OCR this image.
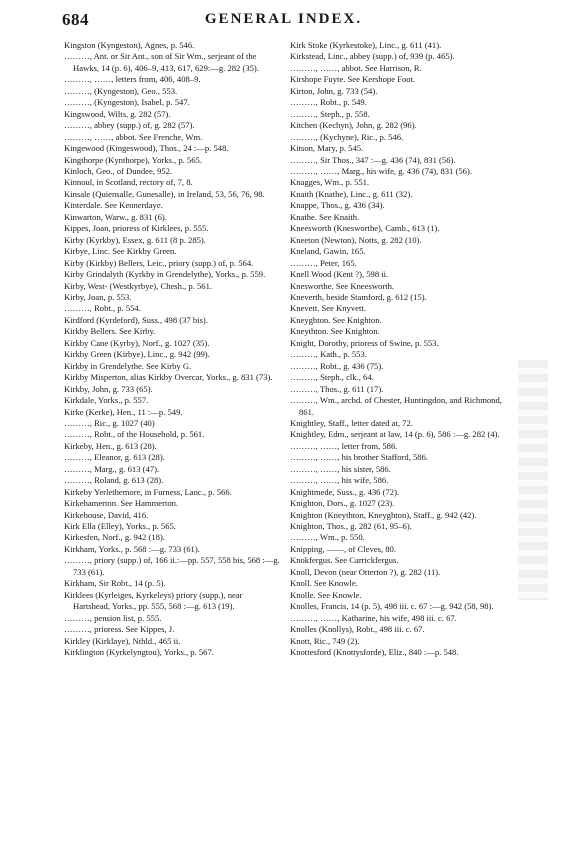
684	GENERAL INDEX.

Kingston (Kyngeston), Agnes, p. 546.

………, Ant. or Sir Ant., son of Sir Wm., serjeant of the Hawks, 14 (p. 6), 406–9, 413, 617, 629:—g. 282 (35).

………, ……, letters from, 406, 408–9.

………, (Kyngeston), Geo., 553.

………, (Kyngeston), Isabel, p. 547.

Kingswood, Wilts, g. 282 (57).

………, abbey (supp.) of, g. 282 (57).

………, ……, abbot. See Frenche, Wm.

Kingewood (Kingeswood), Thos., 24 :—p. 548.

Kingthorpe (Kynthorpe), Yorks., p. 565.

Kinloch, Geo., of Dundee, 952.

Kinnoul, in Scotland, rectory of, 7, 8.

Kinsale (Quiensalle, Gunesalle), in Ireland, 53, 56, 76, 98.

Kinterdale. See Kennerdaye.

Kinwarton, Warw., g. 831 (6).

Kippes, Joan, prioress of Kirklees, p. 555.

Kirby (Kyrkby), Essex, g. 611 (8 p. 285).

Kirbye, Linc. See Kirkby Green.

Kirby (Kirkby) Bellers, Leic., priory (supp.) of, p. 564.

Kirby Grindalyth (Kyrkby in Grendelythe), Yorks., p. 559.

Kirby, West- (Westkyrbye), Chesh., p. 561.

Kirby, Joan, p. 553.

………, Robt., p. 554.

Kirdford (Kyrdeford), Suss., 498 (37 bis).

Kirkby Bellers. See Kirby.

Kirkby Cane (Kyrby), Norf., g. 1027 (35).

Kirkby Green (Kirbye), Linc., g. 942 (99).

Kirkby in Grendelythe. See Kirby G.

Kirkby Misperton, alias Kirkby Overcar, Yorks., g. 831 (73).

Kirkby, John, g. 733 (65).

Kirkdale, Yorks., p. 557.

Kirke (Kerke), Hen., 11 :—p. 549.

………, Ric., g. 1027 (40)

………, Robt., of the Household, p. 561.

Kirkeby, Hen., g. 613 (28).

………, Eleanor, g. 613 (28).

………, Marg., g. 613 (47).

………, Roland, g. 613 (28).

Kirkeby Yerlethemore, in Furness, Lanc., p. 566.

Kirkehamerton. See Hammerton.

Kirkehouse, David, 416.

Kirk Ella (Elley), Yorks., p. 565.

Kirkesfen, Norf., g. 942 (18).

Kirkham, Yorks., p. 568 :—g. 733 (61).

………, priory (supp.) of, 166 ii.:—pp. 557, 558 bis, 568 :—g. 733 (61).

Kirkham, Sir Robt., 14 (p. 5).

Kirklees (Kyrleiges, Kyrkeleys) priory (supp.), near Hartshead, Yorks., pp. 555, 568 :—g. 613 (19).

………, pension list, p. 555.

………, prioress. See Kippes, J.

Kirkley (Kirklaye), Nthld., 465 ii.

Kirklington (Kyrkelyngtou), Yorks., p. 567.

Kirk Stoke (Kyrkestoke), Linc., g. 611 (41).

Kirkstead, Linc., abbey (supp.) of, 939 (p. 465).

………, ……, abbot. See Harrison, R.

Kirshope Fuyte. See Kershope Foot.

Kirton, John, g. 733 (54).

………, Robt., p. 549.

………, Steph., p. 558.

Kitchen (Kechyn), John, g. 282 (96).

………, (Kychyne), Ric., p. 546.

Kitson, Mary, p. 545.

………, Sir Thos., 347 :—g. 436 (74), 831 (56).

………, ……, Marg., his wife, g. 436 (74), 831 (56).

Knagges, Wm., p. 551.

Knaith (Knathe), Linc., g. 611 (32).

Knappe, Thos., g. 436 (34).

Knathe. See Knaith.

Kneesworth (Knesworthe), Camb., 613 (1).

Kneeton (Newton), Notts, g. 282 (10).

Kneland, Gawin, 165.

………, Peter, 165.

Knell Wood (Kent ?), 598 ii.

Knesworthe. See Kneesworth.

Kneverth, beside Stamford, g. 612 (15).

Knevett. See Knyvett.

Kneyghton. See Knighton.

Kneythton. See Knighton.

Knight, Dorothy, prioress of Swine, p. 553.

………, Kath., p. 553.

………, Robt., g. 436 (75).

………, Steph., clk., 64.

………, Thos., g. 611 (17).

………, Wm., archd. of Chester, Huntingdon, and Richmond, 861.

Knightley, Staff., letter dated at, 72.

Knightley, Edm., serjeant at law, 14 (p. 6), 586 :—g. 282 (4).

………, ……, letter from, 586.

………, ……, his brother Stafford, 586.

………, ……, his sister, 586.

………, ……, his wife, 586.

Knightmede, Suss., g. 436 (72).

Knighton, Dors., g. 1027 (23).

Knighton (Kneythton, Kneyghton), Staff., g. 942 (42).

Knighton, Thos., g. 282 (61, 95–6).

………, Wm., p. 550.

Knipping, ——, of Cleves, 80.

Knokfergus. See Carrickfergus.

Knoll, Devon (near Otterton ?), g. 282 (11).

Knoll. See Knowle.

Knolle. See Knowle.

Knolles, Francis, 14 (p. 5), 498 iii. c. 67 :—g. 942 (58, 98).

………, ……, Katharine, his wife, 498 iii. c. 67.

Knolles (Knollys), Robt., 498 iii. c. 67.

Knott, Ric., 749 (2).

Knottesford (Knottysforde), Eliz., 840 :—p. 548.
